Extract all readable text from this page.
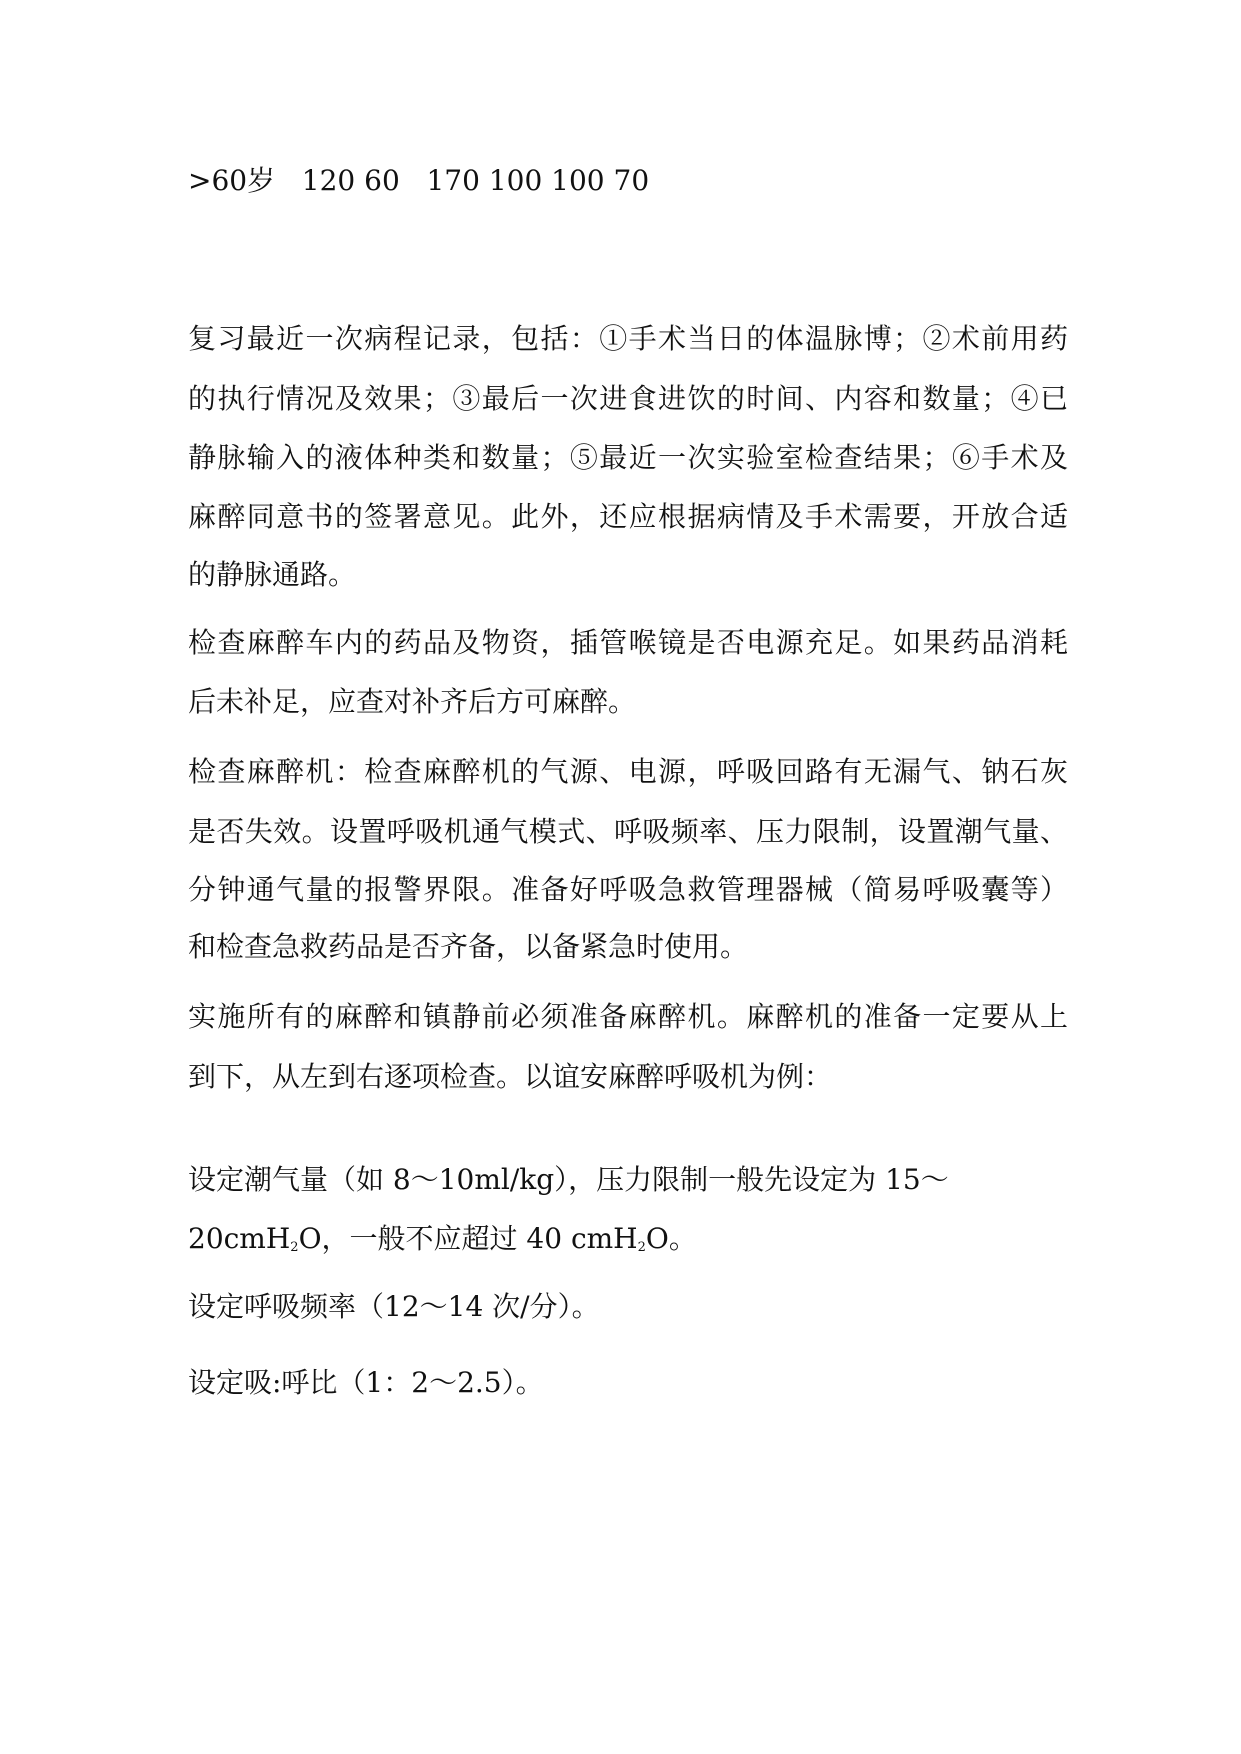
>60岁 120 60   170 100 100 70
复习最近一次病程记录，包括：①手术当日的体温脉博；②术前用药
的执行情况及效果；③最后一次进食进饮的时间、内容和数量；④已
静脉输入的液体种类和数量；⑤最近一次实验室检查结果；⑥手术及
麻醉同意书的签署意见。此外，还应根据病情及手术需要，开放合适
的静脉通路。
检查麻醉车内的药品及物资，插管喉镜是否电源充足。如果药品消耗
后未补足，应查对补齐后方可麻醉。
检查麻醉机：检查麻醉机的气源、电源，呼吸回路有无漏气、钠石灰
是否失效。设置呼吸机通气模式、呼吸频率、压力限制，设置潮气量、
分钟通气量的报警界限。准备好呼吸急救管理器械（简易呼吸囊等）
和检查急救药品是否齐备，以备紧急时使用。
实施所有的麻醉和镇静前必须准备麻醉机。麻醉机的准备一定要从上
到下，从左到右逐项检查。以谊安麻醉呼吸机为例：
设定潮气量（如 8～10ml/kg），压力限制一般先设定为 15～
20cmH$_2$O，一般不应超过 40 cmH$_2$O。
设定呼吸频率（12～14 次/分）。
设定吸:呼比（1：2～2.5）。
